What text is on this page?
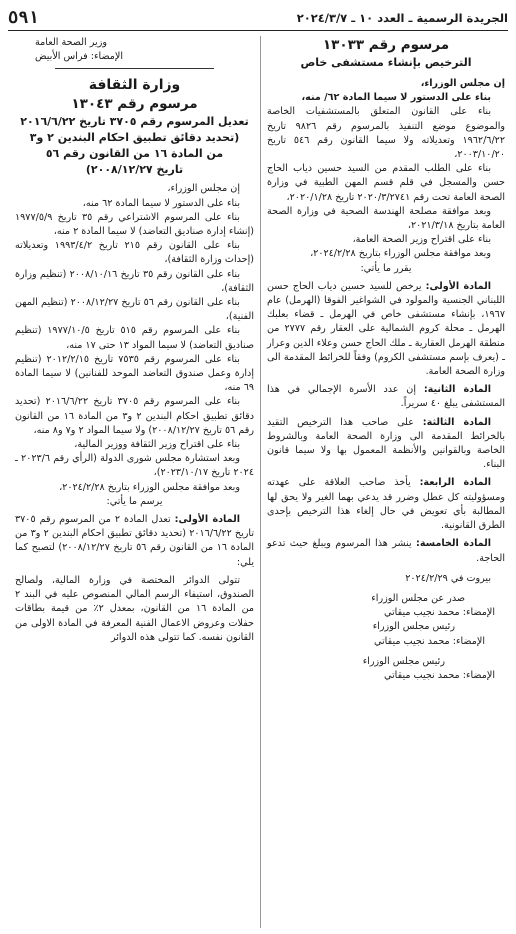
الجريدة الرسمية ـ العدد ١٠ ـ ٢٠٢٤/٣/٧
٥٩١
مرسوم رقم ١٣٠٣٣
الترخيص بإنشاء مستشفى خاص

إن مجلس الوزراء،

بناء على الدستور لا سيما المادة ٦٢/ منه،

بناء على القانون المتعلق بالمستشفيات الخاصة والموضوع موضع التنفيذ بالمرسوم رقم ٩٨٢٦ تاريخ ١٩٦٢/٦/٢٢ وتعديلاته ولا سيما القانون رقم ٥٤٦ تاريخ ٢٠٠٣/١٠/٢٠،

بناء على الطلب المقدم من السيد حسين دياب الحاج حسن والمسجل في قلم قسم المهن الطبية في وزارة الصحة العامة تحت رقم ٢٠٢٠/٣/٢٧٤١ تاريخ ٢٠٢٠/١/٢٨،

وبعد موافقة مصلحة الهندسة الصحية في وزارة الصحة العامة بتاريخ ٢٠٢١/٣/١٨،

بناء على اقتراح وزير الصحة العامة،

وبعد موافقة مجلس الوزراء بتاريخ ٢٠٢٤/٢/٢٨،

يقرر ما يأتي:

المادة الأولى: يرخص للسيد حسين دياب الحاج حسن اللبناني الجنسية والمولود في الشواغير الفوقا (الهرمل) عام ١٩٦٧، بإنشاء مستشفى خاص في الهرمل ـ قضاء بعلبك الهرمل ـ محلة كروم الشمالية على العقار رقم ٢٧٧٧ من منطقة الهرمل العقارية ـ ملك الحاج حسن وعلاء الدين وعرار ـ (يعرف بإسم مستشفى الكروم) وفقاً للخرائط المقدمة الى وزارة الصحة العامة.

المادة الثانية: إن عدد الأسرة الإجمالي في هذا المستشفى يبلغ ٤٠ سريراً.

المادة الثالثة: على صاحب هذا الترخيص التقيد بالخرائط المقدمة الى وزارة الصحة العامة وبالشروط الخاصة وبالقوانين والأنظمة المعمول بها ولا سيما قانون البناء.

المادة الرابعة: يأخذ صاحب العلاقة على عهدته ومسؤوليته كل عطل وضرر قد يدعي بهما الغير ولا يحق لها المطالبة بأي تعويض في حال إلغاء هذا الترخيص بإحدى الطرق القانونية.

المادة الخامسة: ينشر هذا المرسوم ويبلغ حيث تدعو الحاجة.

بيروت في ٢٠٢٤/٢/٢٩

صدر عن مجلس الوزراء

الإمضاء: محمد نجيب ميقاتي

رئيس مجلس الوزراء

الإمضاء: محمد نجيب ميقاتي

رئيس مجلس الوزراء

الإمضاء: محمد نجيب ميقاتي

وزير الصحة العامة

الإمضاء: فراس الأبيض

وزارة الثقافة
مرسوم رقم ١٣٠٤٣
تعديل المرسوم رقم ٣٧٠٥ تاريخ ٢٠١٦/٦/٢٢
(تحديد دقائق تطبيق احكام البندين ٢ و٣
من المادة ١٦ من القانون رقم ٥٦
تاريخ ٢٠٠٨/١٢/٢٧)

إن مجلس الوزراء،

بناء على الدستور لا سيما المادة ٦٢ منه،

بناء على المرسوم الاشتراعي رقم ٣٥ تاريخ ١٩٧٧/٥/٩ (إنشاء إدارة صناديق التعاضد) لا سيما المادة ٢ منه،

بناء على القانون رقم ٢١٥ تاريخ ١٩٩٣/٤/٢ وتعديلاته (إحداث وزارة الثقافة)،

بناء على القانون رقم ٣٥ تاريخ ٢٠٠٨/١٠/١٦ (تنظيم وزارة الثقافة)،

بناء على القانون رقم ٥٦ تاريخ ٢٠٠٨/١٢/٢٧ (تنظيم المهن الفنية)،

بناء على المرسوم رقم ٥١٥ تاريخ ١٩٧٧/١٠/٥ (تنظيم صناديق التعاضد) لا سيما المواد ١٣ حتى ١٧ منه،

بناء على المرسوم رقم ٧٥٣٥ تاريخ ٢٠١٢/٢/١٥ (تنظيم إدارة وعمل صندوق التعاضد الموحد للفنانين) لا سيما المادة ٦٩ منه،

بناء على المرسوم رقم ٣٧٠٥ تاريخ ٢٠١٦/٦/٢٢ (تحديد دقائق تطبيق احكام البندين ٢ و٣ من المادة ١٦ من القانون رقم ٥٦ تاريخ ٢٠٠٨/١٢/٢٧) ولا سيما المواد ٢ و٧ و٨ منه،

بناء على اقتراح وزير الثقافة ووزير المالية،

وبعد استشارة مجلس شورى الدولة (الرأي رقم ٢٠٢٣/٦ ـ ٢٠٢٤ تاريخ ٢٠٢٣/١٠/١٧)،

وبعد موافقة مجلس الوزراء بتاريخ ٢٠٢٤/٢/٢٨،

يرسم ما يأتي:

المادة الأولى: تعدل المادة ٢ من المرسوم رقم ٣٧٠٥ تاريخ ٢٠١٦/٦/٢٢ (تحديد دقائق تطبيق احكام البندين ٢ و٣ من المادة ١٦ من القانون رقم ٥٦ تاريخ ٢٠٠٨/١٢/٢٧) لتصبح كما يلي:

تتولى الدوائر المختصة في وزارة المالية، ولصالح الصندوق، استيفاء الرسم المالي المنصوص عليه في البند ٢ من المادة ١٦ من القانون، بمعدل ٢٪ من قيمة بطاقات حفلات وعروض الاعمال الفنية المعرفة في المادة الاولى من القانون نفسه. كما تتولى هذه الدوائر
